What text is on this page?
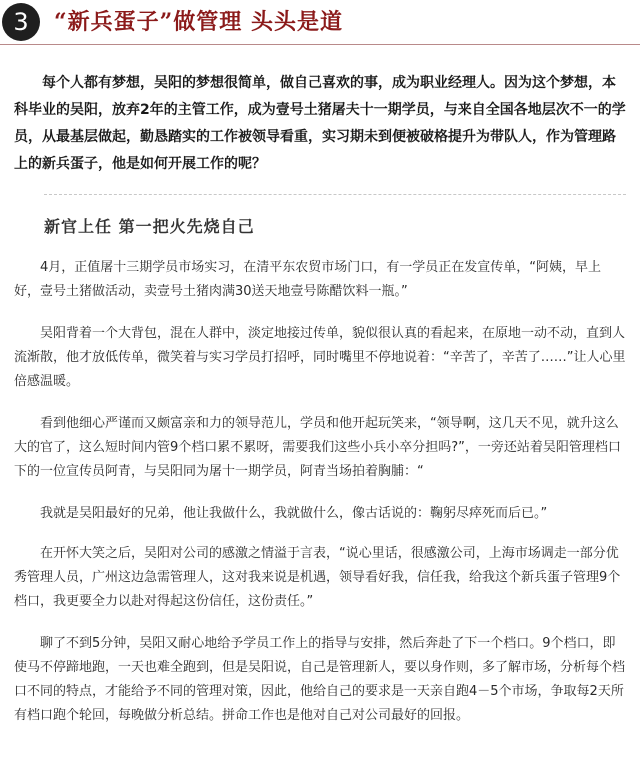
3	“新兵蛋子”做管理 头头是道

每个人都有梦想，吴阳的梦想很简单，做自己喜欢的事，成为职业经理人。因为这个梦想，本科毕业的吴阳，放弃2年的主管工作，成为壹号土猪屠夫十一期学员，与来自全国各地层次不一的学员，从最基层做起，勤恳踏实的工作被领导看重，实习期未到便被破格提升为带队人，作为管理路上的新兵蛋子，他是如何开展工作的呢？

新官上任 第一把火先烧自己

4月，正值屠十三期学员市场实习，在清平东农贸市场门口，有一学员正在发宣传单，“阿姨，早上好，壹号土猪做活动，卖壹号土猪肉满30送天地壹号陈醋饮料一瓶。”

吴阳背着一个大背包，混在人群中，淡定地接过传单，貌似很认真的看起来，在原地一动不动，直到人流渐散，他才放低传单，微笑着与实习学员打招呼，同时嘴里不停地说着：“辛苦了，辛苦了……”让人心里倍感温暖。

看到他细心严谨而又颇富亲和力的领导范儿，学员和他开起玩笑来，“领导啊，这几天不见，就升这么大的官了，这么短时间内管9个档口累不累呀，需要我们这些小兵小卒分担吗?”，一旁还站着吴阳管理档口下的一位宣传员阿青，与吴阳同为屠十一期学员，阿青当场拍着胸脯：“

我就是吴阳最好的兄弟，他让我做什么，我就做什么，像古话说的：鞠躬尽瘁死而后已。”

在开怀大笑之后，吴阳对公司的感激之情溢于言表，“说心里话，很感激公司，上海市场调走一部分优秀管理人员，广州这边急需管理人，这对我来说是机遇，领导看好我，信任我，给我这个新兵蛋子管理9个档口，我更要全力以赴对得起这份信任，这份责任。”

聊了不到5分钟，吴阳又耐心地给予学员工作上的指导与安排，然后奔赴了下一个档口。9个档口，即使马不停蹄地跑，一天也难全跑到，但是吴阳说，自己是管理新人，要以身作则，多了解市场，分析每个档口不同的特点，才能给予不同的管理对策，因此，他给自己的要求是一天亲自跑4－5个市场，争取每2天所有档口跑个轮回，每晚做分析总结。拼命工作也是他对自己对公司最好的回报。
